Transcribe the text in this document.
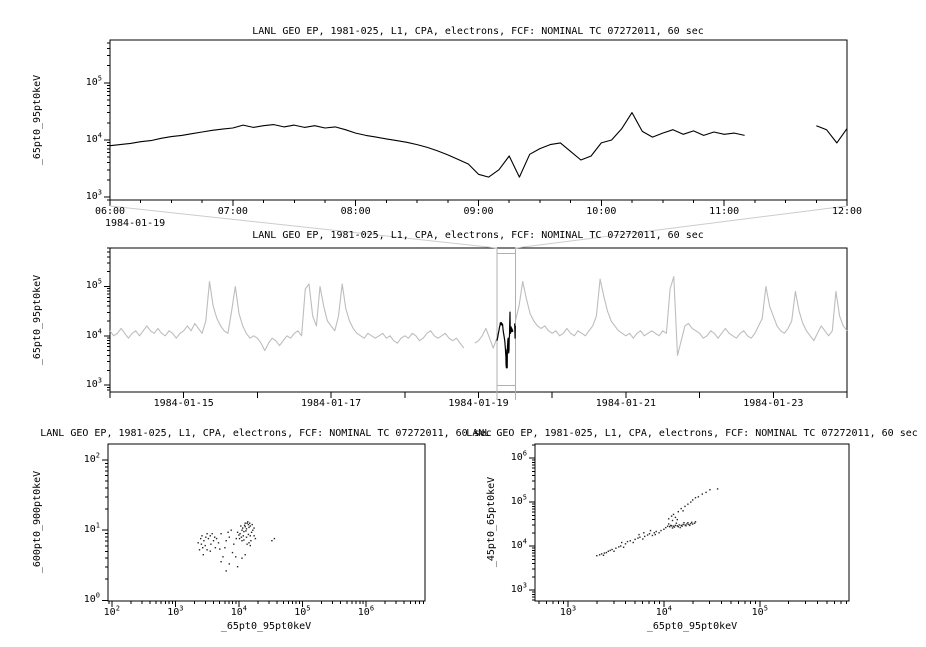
$10^3$
$10^4$
$10^5$
06:00	07:00	08:00	09:00	10:00	11:00	12:00
$10^3$
$10^4$
$10^5$
1984-01-15	1984-01-17	1984-01-19	1984-01-21	1984-01-23
$10^0$
$10^1$
$10^2$
$10^2$	$10^3$	$10^4$	$10^5$	$10^6$
$10^3$
$10^4$
$10^5$
$10^6$
$10^3$	$10^4$	$10^5$
LANL GEO EP, 1981-025, L1, CPA, electrons, FCF: NOMINAL TC 07272011, 60 sec
LANL GEO EP, 1981-025, L1, CPA, electrons, FCF: NOMINAL TC 07272011, 60 sec
LANL GEO EP, 1981-025, L1, CPA, electrons, FCF: NOMINAL TC 07272011, 60 sec
LANL GEO EP, 1981-025, L1, CPA, electrons, FCF: NOMINAL TC 07272011, 60 sec
_65pt0_95pt0keV
_65pt0_95pt0keV
_600pt0_900pt0keV	_45pt0_65pt0keV
1984-01-19
_65pt0_95pt0keV	_65pt0_95pt0keV
